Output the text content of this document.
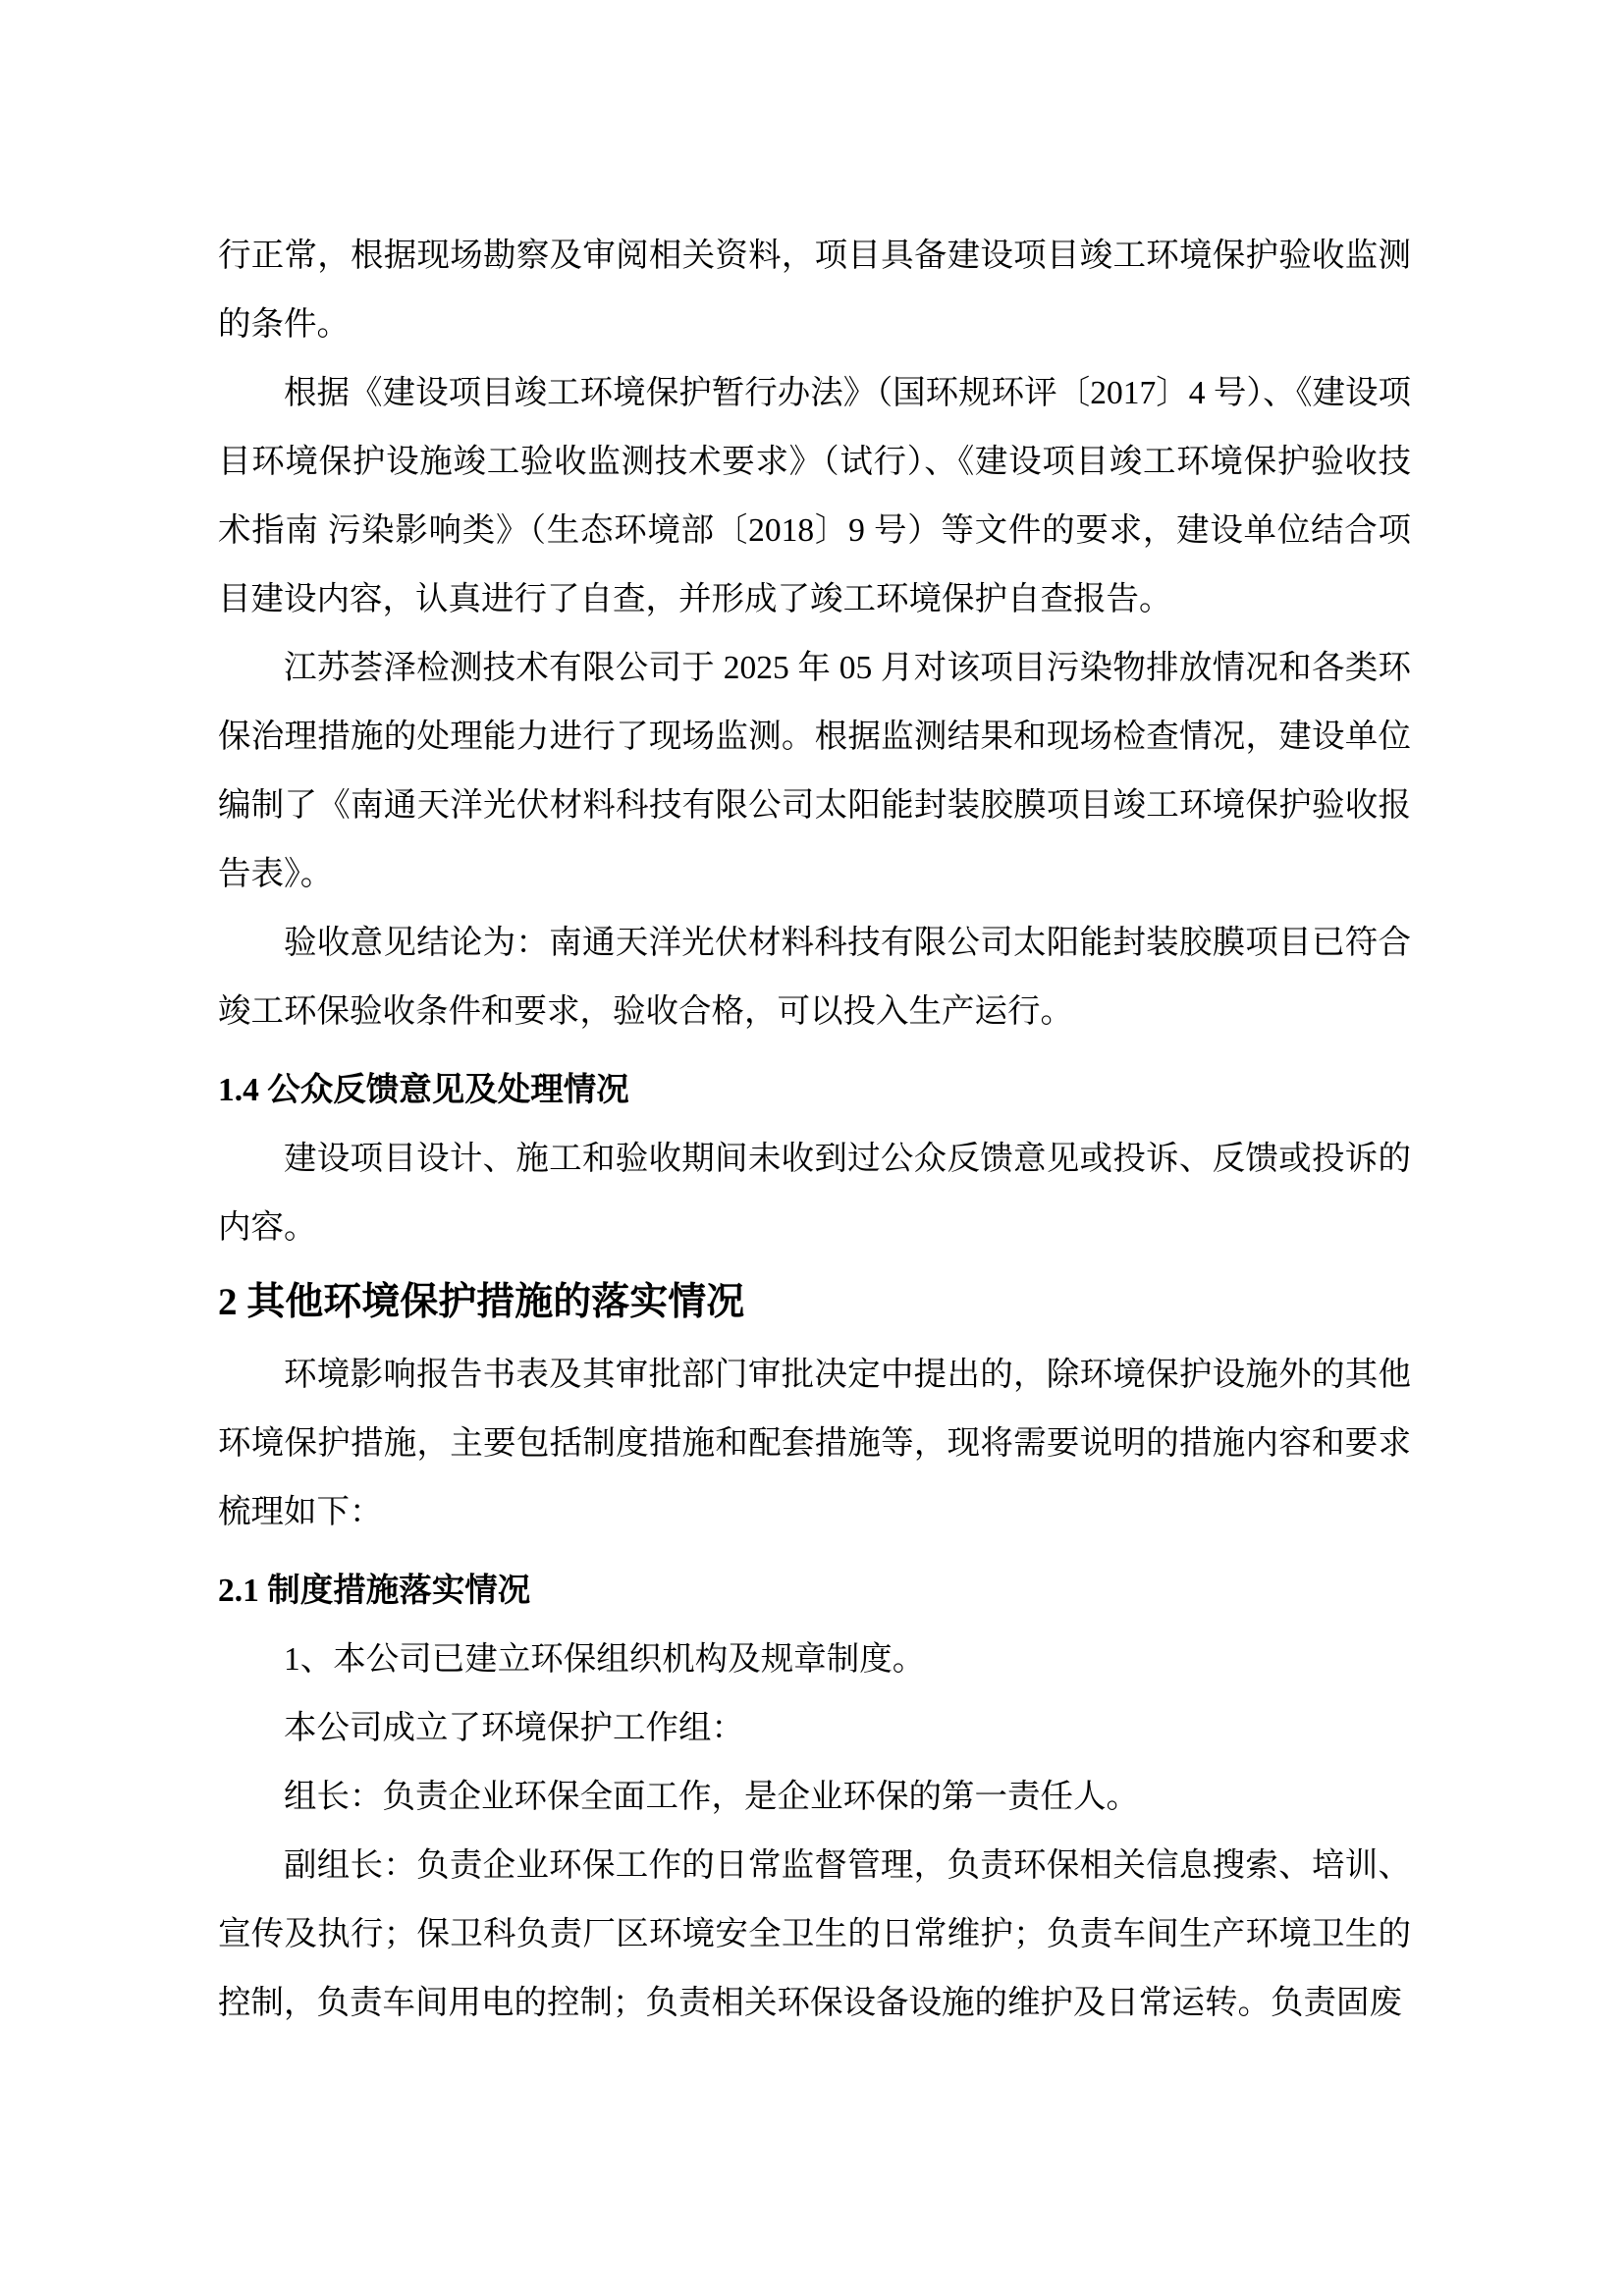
行正常，根据现场勘察及审阅相关资料，项目具备建设项目竣工环境保护验收监测的条件。

根据《建设项目竣工环境保护暂行办法》（国环规环评〔2017〕4 号）、《建设项目环境保护设施竣工验收监测技术要求》（试行）、《建设项目竣工环境保护验收技术指南 污染影响类》（生态环境部〔2018〕9 号）等文件的要求，建设单位结合项目建设内容，认真进行了自查，并形成了竣工环境保护自查报告。

江苏荟泽检测技术有限公司于 2025 年 05 月对该项目污染物排放情况和各类环保治理措施的处理能力进行了现场监测。根据监测结果和现场检查情况，建设单位编制了《南通天洋光伏材料科技有限公司太阳能封装胶膜项目竣工环境保护验收报告表》。

验收意见结论为：南通天洋光伏材料科技有限公司太阳能封装胶膜项目已符合竣工环保验收条件和要求，验收合格，可以投入生产运行。

1.4 公众反馈意见及处理情况

建设项目设计、施工和验收期间未收到过公众反馈意见或投诉、反馈或投诉的内容。

2 其他环境保护措施的落实情况

环境影响报告书表及其审批部门审批决定中提出的，除环境保护设施外的其他环境保护措施，主要包括制度措施和配套措施等，现将需要说明的措施内容和要求梳理如下：

2.1 制度措施落实情况

1、本公司已建立环保组织机构及规章制度。

本公司成立了环境保护工作组：

组长：负责企业环保全面工作，是企业环保的第一责任人。

副组长：负责企业环保工作的日常监督管理，负责环保相关信息搜索、培训、宣传及执行；保卫科负责厂区环境安全卫生的日常维护；负责车间生产环境卫生的控制，负责车间用电的控制；负责相关环保设备设施的维护及日常运转。负责固废
